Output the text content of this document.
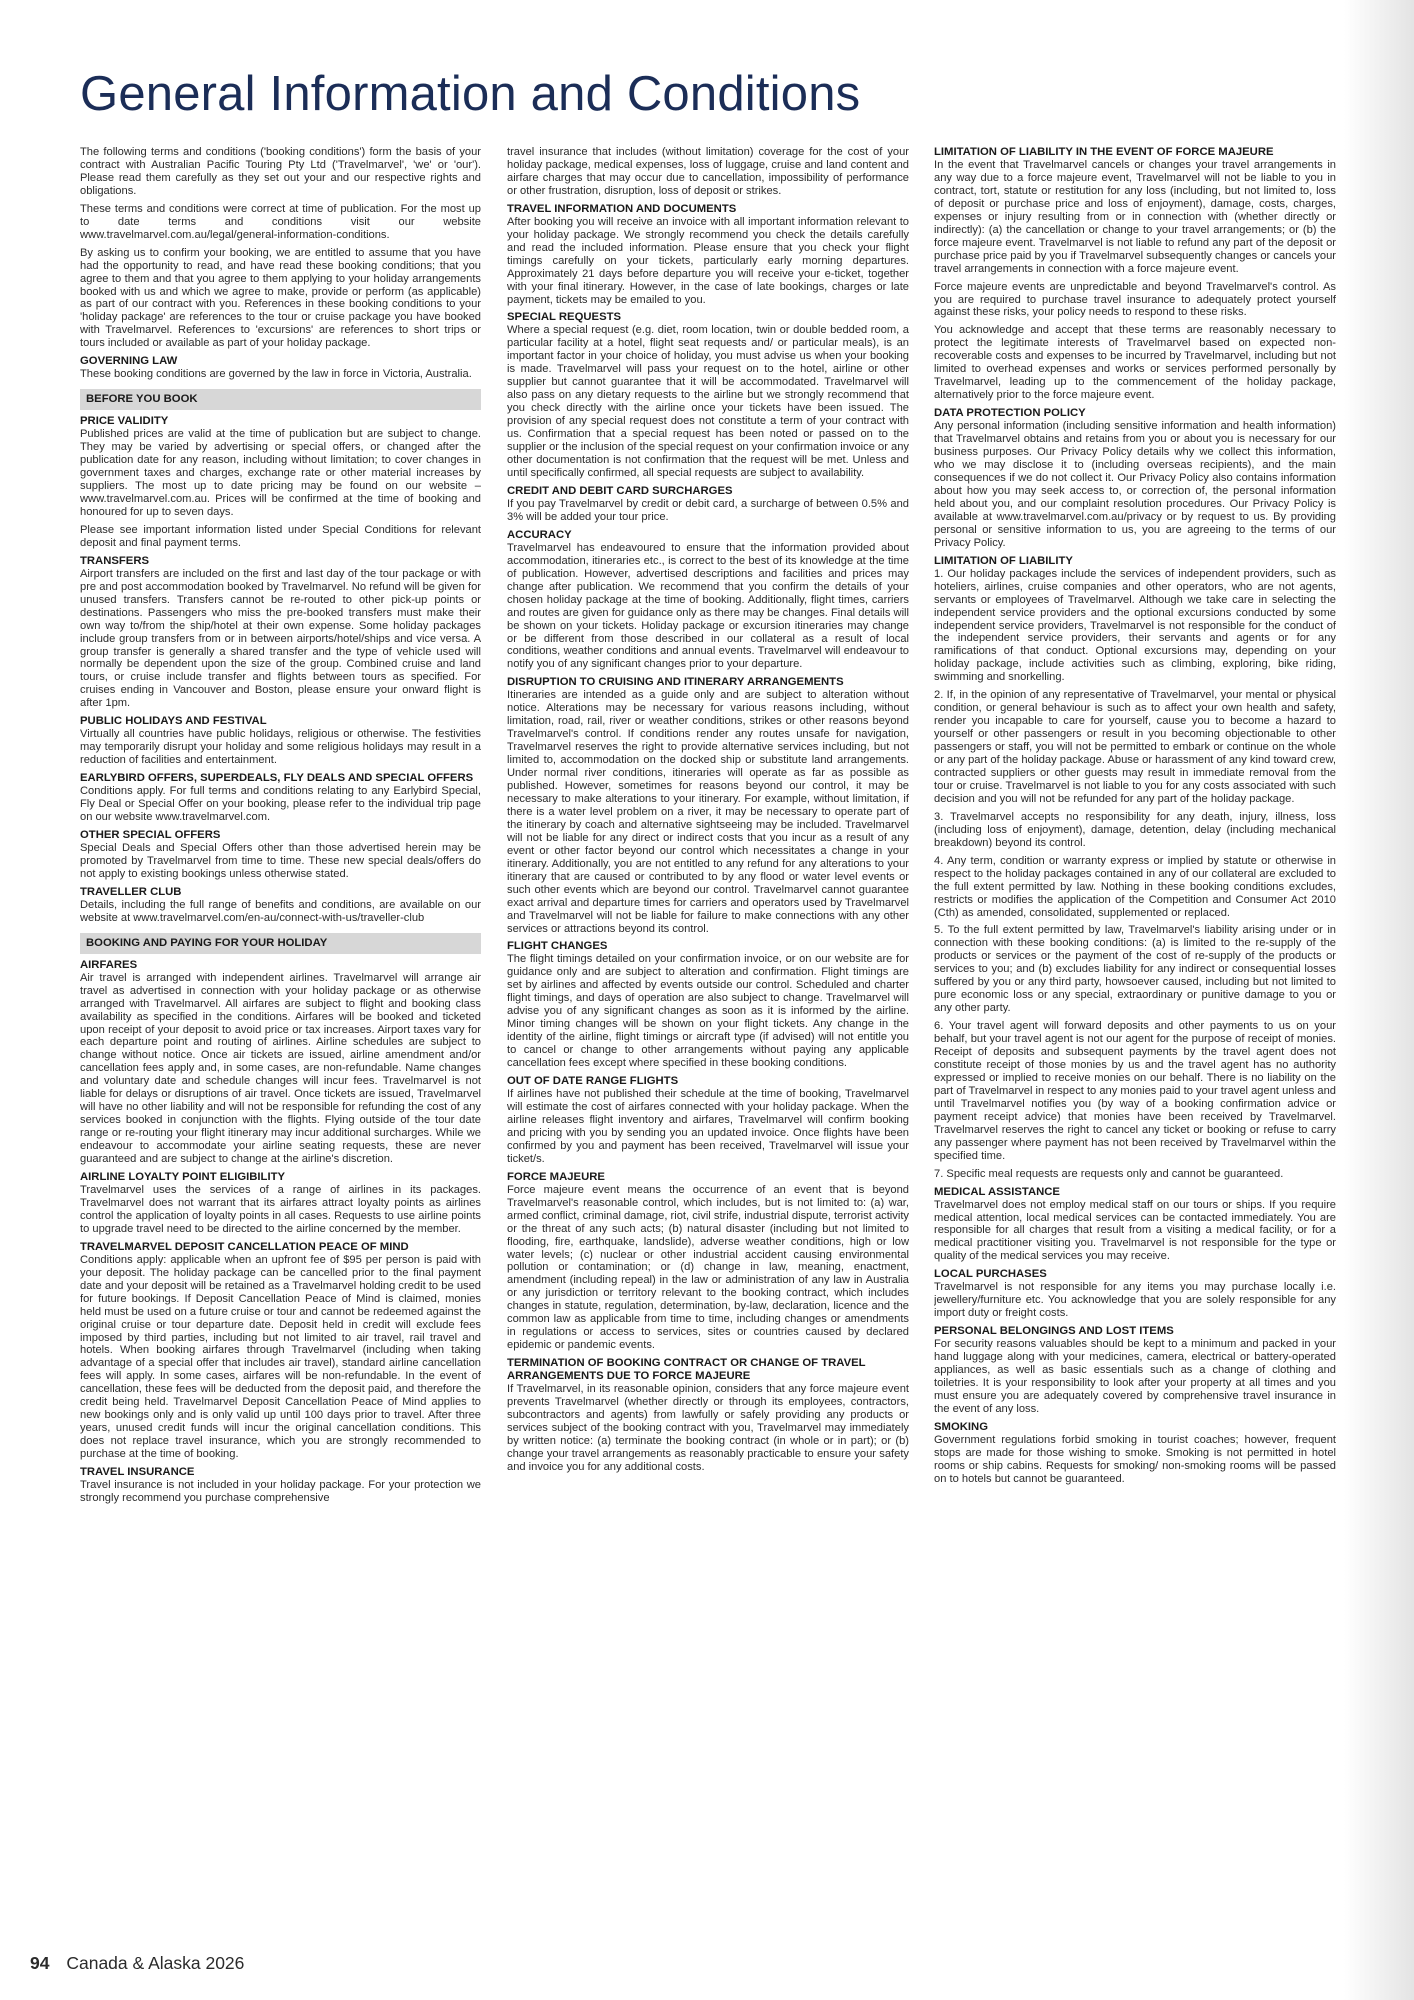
General Information and Conditions

The following terms and conditions ('booking conditions') form the basis of your contract with Australian Pacific Touring Pty Ltd ('Travelmarvel', 'we' or 'our'). Please read them carefully as they set out your and our respective rights and obligations.

These terms and conditions were correct at time of publication. For the most up to date terms and conditions visit our website www.travelmarvel.com.au/legal/general-information-conditions.

By asking us to confirm your booking, we are entitled to assume that you have had the opportunity to read, and have read these booking conditions; that you agree to them and that you agree to them applying to your holiday arrangements booked with us and which we agree to make, provide or perform (as applicable) as part of our contract with you. References in these booking conditions to your 'holiday package' are references to the tour or cruise package you have booked with Travelmarvel. References to 'excursions' are references to short trips or tours included or available as part of your holiday package.

GOVERNING LAW

These booking conditions are governed by the law in force in Victoria, Australia.

BEFORE YOU BOOK
PRICE VALIDITY

Published prices are valid at the time of publication but are subject to change. They may be varied by advertising or special offers, or changed after the publication date for any reason, including without limitation; to cover changes in government taxes and charges, exchange rate or other material increases by suppliers. The most up to date pricing may be found on our website – www.travelmarvel.com.au. Prices will be confirmed at the time of booking and honoured for up to seven days.

Please see important information listed under Special Conditions for relevant deposit and final payment terms.

TRANSFERS

Airport transfers are included on the first and last day of the tour package or with pre and post accommodation booked by Travelmarvel. No refund will be given for unused transfers. Transfers cannot be re-routed to other pick-up points or destinations. Passengers who miss the pre-booked transfers must make their own way to/from the ship/hotel at their own expense. Some holiday packages include group transfers from or in between airports/hotel/ships and vice versa. A group transfer is generally a shared transfer and the type of vehicle used will normally be dependent upon the size of the group. Combined cruise and land tours, or cruise include transfer and flights between tours as specified. For cruises ending in Vancouver and Boston, please ensure your onward flight is after 1pm.

PUBLIC HOLIDAYS AND FESTIVAL

Virtually all countries have public holidays, religious or otherwise. The festivities may temporarily disrupt your holiday and some religious holidays may result in a reduction of facilities and entertainment.

EARLYBIRD OFFERS, SUPERDEALS, FLY DEALS AND SPECIAL OFFERS

Conditions apply. For full terms and conditions relating to any Earlybird Special, Fly Deal or Special Offer on your booking, please refer to the individual trip page on our website www.travelmarvel.com.

OTHER SPECIAL OFFERS

Special Deals and Special Offers other than those advertised herein may be promoted by Travelmarvel from time to time. These new special deals/offers do not apply to existing bookings unless otherwise stated.

TRAVELLER CLUB

Details, including the full range of benefits and conditions, are available on our website at www.travelmarvel.com/en-au/connect-with-us/traveller-club

BOOKING AND PAYING FOR YOUR HOLIDAY
AIRFARES

Air travel is arranged with independent airlines. Travelmarvel will arrange air travel as advertised in connection with your holiday package or as otherwise arranged with Travelmarvel. All airfares are subject to flight and booking class availability as specified in the conditions. Airfares will be booked and ticketed upon receipt of your deposit to avoid price or tax increases. Airport taxes vary for each departure point and routing of airlines. Airline schedules are subject to change without notice. Once air tickets are issued, airline amendment and/or cancellation fees apply and, in some cases, are non-refundable. Name changes and voluntary date and schedule changes will incur fees. Travelmarvel is not liable for delays or disruptions of air travel. Once tickets are issued, Travelmarvel will have no other liability and will not be responsible for refunding the cost of any services booked in conjunction with the flights. Flying outside of the tour date range or re-routing your flight itinerary may incur additional surcharges. While we endeavour to accommodate your airline seating requests, these are never guaranteed and are subject to change at the airline's discretion.

AIRLINE LOYALTY POINT ELIGIBILITY

Travelmarvel uses the services of a range of airlines in its packages. Travelmarvel does not warrant that its airfares attract loyalty points as airlines control the application of loyalty points in all cases. Requests to use airline points to upgrade travel need to be directed to the airline concerned by the member.

TRAVELMARVEL DEPOSIT CANCELLATION PEACE OF MIND

Conditions apply: applicable when an upfront fee of $95 per person is paid with your deposit. The holiday package can be cancelled prior to the final payment date and your deposit will be retained as a Travelmarvel holding credit to be used for future bookings. If Deposit Cancellation Peace of Mind is claimed, monies held must be used on a future cruise or tour and cannot be redeemed against the original cruise or tour departure date. Deposit held in credit will exclude fees imposed by third parties, including but not limited to air travel, rail travel and hotels. When booking airfares through Travelmarvel (including when taking advantage of a special offer that includes air travel), standard airline cancellation fees will apply. In some cases, airfares will be non-refundable. In the event of cancellation, these fees will be deducted from the deposit paid, and therefore the credit being held. Travelmarvel Deposit Cancellation Peace of Mind applies to new bookings only and is only valid up until 100 days prior to travel. After three years, unused credit funds will incur the original cancellation conditions. This does not replace travel insurance, which you are strongly recommended to purchase at the time of booking.

TRAVEL INSURANCE

Travel insurance is not included in your holiday package. For your protection we strongly recommend you purchase comprehensive

travel insurance that includes (without limitation) coverage for the cost of your holiday package, medical expenses, loss of luggage, cruise and land content and airfare charges that may occur due to cancellation, impossibility of performance or other frustration, disruption, loss of deposit or strikes.

TRAVEL INFORMATION AND DOCUMENTS

After booking you will receive an invoice with all important information relevant to your holiday package. We strongly recommend you check the details carefully and read the included information. Please ensure that you check your flight timings carefully on your tickets, particularly early morning departures. Approximately 21 days before departure you will receive your e-ticket, together with your final itinerary. However, in the case of late bookings, charges or late payment, tickets may be emailed to you.

SPECIAL REQUESTS

Where a special request (e.g. diet, room location, twin or double bedded room, a particular facility at a hotel, flight seat requests and/ or particular meals), is an important factor in your choice of holiday, you must advise us when your booking is made. Travelmarvel will pass your request on to the hotel, airline or other supplier but cannot guarantee that it will be accommodated. Travelmarvel will also pass on any dietary requests to the airline but we strongly recommend that you check directly with the airline once your tickets have been issued. The provision of any special request does not constitute a term of your contract with us. Confirmation that a special request has been noted or passed on to the supplier or the inclusion of the special request on your confirmation invoice or any other documentation is not confirmation that the request will be met. Unless and until specifically confirmed, all special requests are subject to availability.

CREDIT AND DEBIT CARD SURCHARGES

If you pay Travelmarvel by credit or debit card, a surcharge of between 0.5% and 3% will be added your tour price.

ACCURACY

Travelmarvel has endeavoured to ensure that the information provided about accommodation, itineraries etc., is correct to the best of its knowledge at the time of publication. However, advertised descriptions and facilities and prices may change after publication. We recommend that you confirm the details of your chosen holiday package at the time of booking. Additionally, flight times, carriers and routes are given for guidance only as there may be changes. Final details will be shown on your tickets. Holiday package or excursion itineraries may change or be different from those described in our collateral as a result of local conditions, weather conditions and annual events. Travelmarvel will endeavour to notify you of any significant changes prior to your departure.

DISRUPTION TO CRUISING AND ITINERARY ARRANGEMENTS

Itineraries are intended as a guide only and are subject to alteration without notice. Alterations may be necessary for various reasons including, without limitation, road, rail, river or weather conditions, strikes or other reasons beyond Travelmarvel's control. If conditions render any routes unsafe for navigation, Travelmarvel reserves the right to provide alternative services including, but not limited to, accommodation on the docked ship or substitute land arrangements. Under normal river conditions, itineraries will operate as far as possible as published. However, sometimes for reasons beyond our control, it may be necessary to make alterations to your itinerary. For example, without limitation, if there is a water level problem on a river, it may be necessary to operate part of the itinerary by coach and alternative sightseeing may be included. Travelmarvel will not be liable for any direct or indirect costs that you incur as a result of any event or other factor beyond our control which necessitates a change in your itinerary. Additionally, you are not entitled to any refund for any alterations to your itinerary that are caused or contributed to by any flood or water level events or such other events which are beyond our control. Travelmarvel cannot guarantee exact arrival and departure times for carriers and operators used by Travelmarvel and Travelmarvel will not be liable for failure to make connections with any other services or attractions beyond its control.

FLIGHT CHANGES

The flight timings detailed on your confirmation invoice, or on our website are for guidance only and are subject to alteration and confirmation. Flight timings are set by airlines and affected by events outside our control. Scheduled and charter flight timings, and days of operation are also subject to change. Travelmarvel will advise you of any significant changes as soon as it is informed by the airline. Minor timing changes will be shown on your flight tickets. Any change in the identity of the airline, flight timings or aircraft type (if advised) will not entitle you to cancel or change to other arrangements without paying any applicable cancellation fees except where specified in these booking conditions.

OUT OF DATE RANGE FLIGHTS

If airlines have not published their schedule at the time of booking, Travelmarvel will estimate the cost of airfares connected with your holiday package. When the airline releases flight inventory and airfares, Travelmarvel will confirm booking and pricing with you by sending you an updated invoice. Once flights have been confirmed by you and payment has been received, Travelmarvel will issue your ticket/s.

FORCE MAJEURE

Force majeure event means the occurrence of an event that is beyond Travelmarvel's reasonable control, which includes, but is not limited to: (a) war, armed conflict, criminal damage, riot, civil strife, industrial dispute, terrorist activity or the threat of any such acts; (b) natural disaster (including but not limited to flooding, fire, earthquake, landslide), adverse weather conditions, high or low water levels; (c) nuclear or other industrial accident causing environmental pollution or contamination; or (d) change in law, meaning, enactment, amendment (including repeal) in the law or administration of any law in Australia or any jurisdiction or territory relevant to the booking contract, which includes changes in statute, regulation, determination, by-law, declaration, licence and the common law as applicable from time to time, including changes or amendments in regulations or access to services, sites or countries caused by declared epidemic or pandemic events.

TERMINATION OF BOOKING CONTRACT OR CHANGE OF TRAVEL ARRANGEMENTS DUE TO FORCE MAJEURE

If Travelmarvel, in its reasonable opinion, considers that any force majeure event prevents Travelmarvel (whether directly or through its employees, contractors, subcontractors and agents) from lawfully or safely providing any products or services subject of the booking contract with you, Travelmarvel may immediately by written notice: (a) terminate the booking contract (in whole or in part); or (b) change your travel arrangements as reasonably practicable to ensure your safety and invoice you for any additional costs.

LIMITATION OF LIABILITY IN THE EVENT OF FORCE MAJEURE

In the event that Travelmarvel cancels or changes your travel arrangements in any way due to a force majeure event, Travelmarvel will not be liable to you in contract, tort, statute or restitution for any loss (including, but not limited to, loss of deposit or purchase price and loss of enjoyment), damage, costs, charges, expenses or injury resulting from or in connection with (whether directly or indirectly): (a) the cancellation or change to your travel arrangements; or (b) the force majeure event. Travelmarvel is not liable to refund any part of the deposit or purchase price paid by you if Travelmarvel subsequently changes or cancels your travel arrangements in connection with a force majeure event.

Force majeure events are unpredictable and beyond Travelmarvel's control. As you are required to purchase travel insurance to adequately protect yourself against these risks, your policy needs to respond to these risks.

You acknowledge and accept that these terms are reasonably necessary to protect the legitimate interests of Travelmarvel based on expected non-recoverable costs and expenses to be incurred by Travelmarvel, including but not limited to overhead expenses and works or services performed personally by Travelmarvel, leading up to the commencement of the holiday package, alternatively prior to the force majeure event.

DATA PROTECTION POLICY

Any personal information (including sensitive information and health information) that Travelmarvel obtains and retains from you or about you is necessary for our business purposes. Our Privacy Policy details why we collect this information, who we may disclose it to (including overseas recipients), and the main consequences if we do not collect it. Our Privacy Policy also contains information about how you may seek access to, or correction of, the personal information held about you, and our complaint resolution procedures. Our Privacy Policy is available at www.travelmarvel.com.au/privacy or by request to us. By providing personal or sensitive information to us, you are agreeing to the terms of our Privacy Policy.

LIMITATION OF LIABILITY

1. Our holiday packages include the services of independent providers, such as hoteliers, airlines, cruise companies and other operators, who are not agents, servants or employees of Travelmarvel. Although we take care in selecting the independent service providers and the optional excursions conducted by some independent service providers, Travelmarvel is not responsible for the conduct of the independent service providers, their servants and agents or for any ramifications of that conduct. Optional excursions may, depending on your holiday package, include activities such as climbing, exploring, bike riding, swimming and snorkelling.

2. If, in the opinion of any representative of Travelmarvel, your mental or physical condition, or general behaviour is such as to affect your own health and safety, render you incapable to care for yourself, cause you to become a hazard to yourself or other passengers or result in you becoming objectionable to other passengers or staff, you will not be permitted to embark or continue on the whole or any part of the holiday package. Abuse or harassment of any kind toward crew, contracted suppliers or other guests may result in immediate removal from the tour or cruise. Travelmarvel is not liable to you for any costs associated with such decision and you will not be refunded for any part of the holiday package.

3. Travelmarvel accepts no responsibility for any death, injury, illness, loss (including loss of enjoyment), damage, detention, delay (including mechanical breakdown) beyond its control.

4. Any term, condition or warranty express or implied by statute or otherwise in respect to the holiday packages contained in any of our collateral are excluded to the full extent permitted by law. Nothing in these booking conditions excludes, restricts or modifies the application of the Competition and Consumer Act 2010 (Cth) as amended, consolidated, supplemented or replaced.

5. To the full extent permitted by law, Travelmarvel's liability arising under or in connection with these booking conditions: (a) is limited to the re-supply of the products or services or the payment of the cost of re-supply of the products or services to you; and (b) excludes liability for any indirect or consequential losses suffered by you or any third party, howsoever caused, including but not limited to pure economic loss or any special, extraordinary or punitive damage to you or any other party.

6. Your travel agent will forward deposits and other payments to us on your behalf, but your travel agent is not our agent for the purpose of receipt of monies. Receipt of deposits and subsequent payments by the travel agent does not constitute receipt of those monies by us and the travel agent has no authority expressed or implied to receive monies on our behalf. There is no liability on the part of Travelmarvel in respect to any monies paid to your travel agent unless and until Travelmarvel notifies you (by way of a booking confirmation advice or payment receipt advice) that monies have been received by Travelmarvel. Travelmarvel reserves the right to cancel any ticket or booking or refuse to carry any passenger where payment has not been received by Travelmarvel within the specified time.

7. Specific meal requests are requests only and cannot be guaranteed.

MEDICAL ASSISTANCE

Travelmarvel does not employ medical staff on our tours or ships. If you require medical attention, local medical services can be contacted immediately. You are responsible for all charges that result from a visiting a medical facility, or for a medical practitioner visiting you. Travelmarvel is not responsible for the type or quality of the medical services you may receive.

LOCAL PURCHASES

Travelmarvel is not responsible for any items you may purchase locally i.e. jewellery/furniture etc. You acknowledge that you are solely responsible for any import duty or freight costs.

PERSONAL BELONGINGS AND LOST ITEMS

For security reasons valuables should be kept to a minimum and packed in your hand luggage along with your medicines, camera, electrical or battery-operated appliances, as well as basic essentials such as a change of clothing and toiletries. It is your responsibility to look after your property at all times and you must ensure you are adequately covered by comprehensive travel insurance in the event of any loss.

SMOKING

Government regulations forbid smoking in tourist coaches; however, frequent stops are made for those wishing to smoke. Smoking is not permitted in hotel rooms or ship cabins. Requests for smoking/ non-smoking rooms will be passed on to hotels but cannot be guaranteed.

94 Canada & Alaska 2026
